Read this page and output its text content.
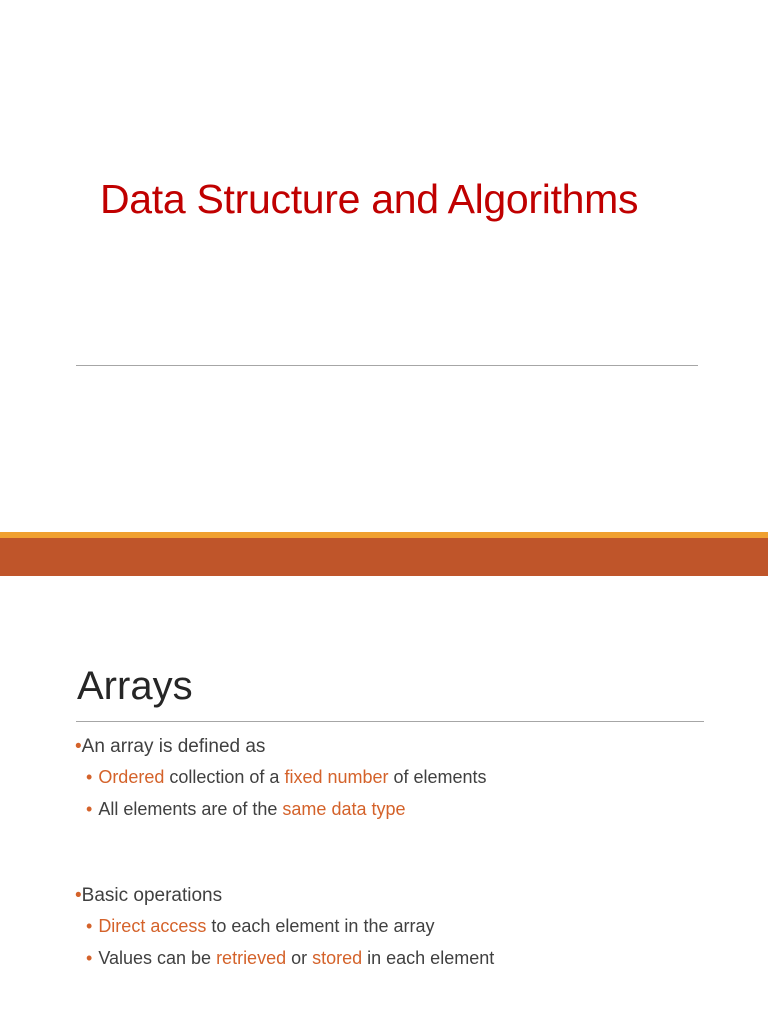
Data Structure and Algorithms
Arrays
•An array is defined as
• Ordered collection of a fixed number of elements
• All elements are of the same data type
•Basic operations
• Direct access to each element in the array
• Values can be retrieved or stored in each element
